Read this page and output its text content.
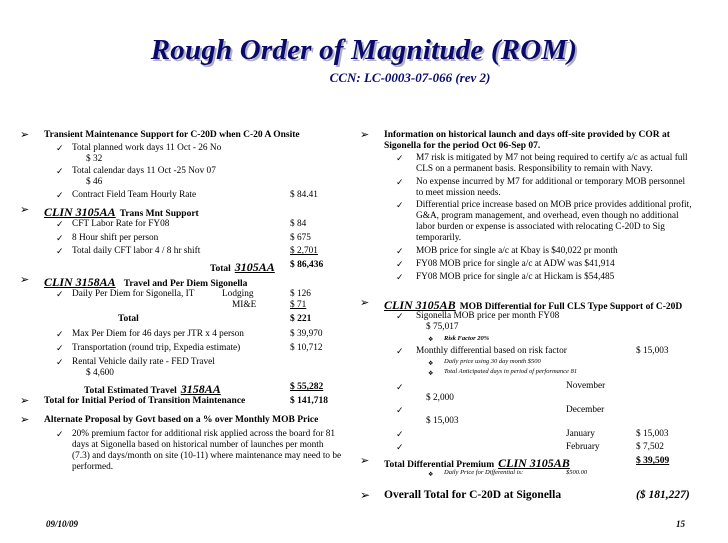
Rough Order of Magnitude (ROM)
CCN: LC-0003-07-066 (rev 2)
➢ Transient Maintenance Support for C-20D when C-20 A Onsite
✓ Total planned work days 11 Oct - 26 No
$ 32
✓ Total calendar days 11 Oct -25 Nov 07
$ 46
✓ Contract Field Team Hourly Rate	$ 84.41
➢ CLIN 3105AA Trans Mnt Support
✓ CFT Labor Rate for FY08	$ 84
✓ 8 Hour shift per person	$ 675
✓ Total daily CFT labor 4 / 8 hr shift	$ 2,701
Total 3105AA $ 86,436
➢ CLIN 3158AA Travel and Per Diem Sigonella
✓ Daily Per Diem for Sigonella, IT	Lodging	$ 126
MI&E	$ 71
Total	$ 221
✓ Max Per Diem for 46 days per JTR x 4 person	$ 39,970
✓ Transportation (round trip, Expedia estimate)	$ 10,712
✓ Rental Vehicle daily rate - FED Travel
$ 4,600
Total Estimated Travel 3158AA	$ 55,282
➢ Total for Initial Period of Transition Maintenance	$ 141,718
➢ Alternate Proposal by Govt based on a % over Monthly MOB Price
✓ 20% premium factor for additional risk applied across the board for 81
days at Sigonella based on historical number of launches per month
(7.3) and days/month on site (10-11) where maintenance may need to be
performed.
➢ Information on historical launch and days off-site provided by COR at
Sigonella for the period Oct 06-Sep 07.
✓ M7 risk is mitigated by M7 not being required to certify a/c as actual full
CLS on a permanent basis. Responsibility to remain with Navy.
✓ No expense incurred by M7 for additional or temporary MOB personnel
to meet mission needs.
✓ Differential price increase based on MOB price provides additional profit,
G&A, program management, and overhead, even though no additional
labor burden or expense is associated with relocating C-20D to Sig
temporarily.
✓ MOB price for single a/c at Kbay is $40,022 pr month
✓ FY08 MOB price for single a/c at ADW was $41,914
✓ FY08 MOB price for single a/c at Hickam is $54,485
➢ CLIN 3105AB MOB Differential for Full CLS Type Support of C-20D
✓ Sigonella MOB price per month FY08
$ 75,017
❖ Risk Factor 20%
✓ Monthly differential based on risk factor	$ 15,003
❖ Daily price using 30 day month $500
❖ Total Anticipated days in period of performance 81
✓	November
$ 2,000
✓	December
$ 15,003
✓	January	$ 15,003
✓	February	$ 7,502
➢ Total Differential Premium CLIN 3105AB	$ 39,509
❖ Daily Price for Differential is:	$500.00
➢ Overall Total for C-20D at Sigonella	($ 181,227)
09/10/09	15
